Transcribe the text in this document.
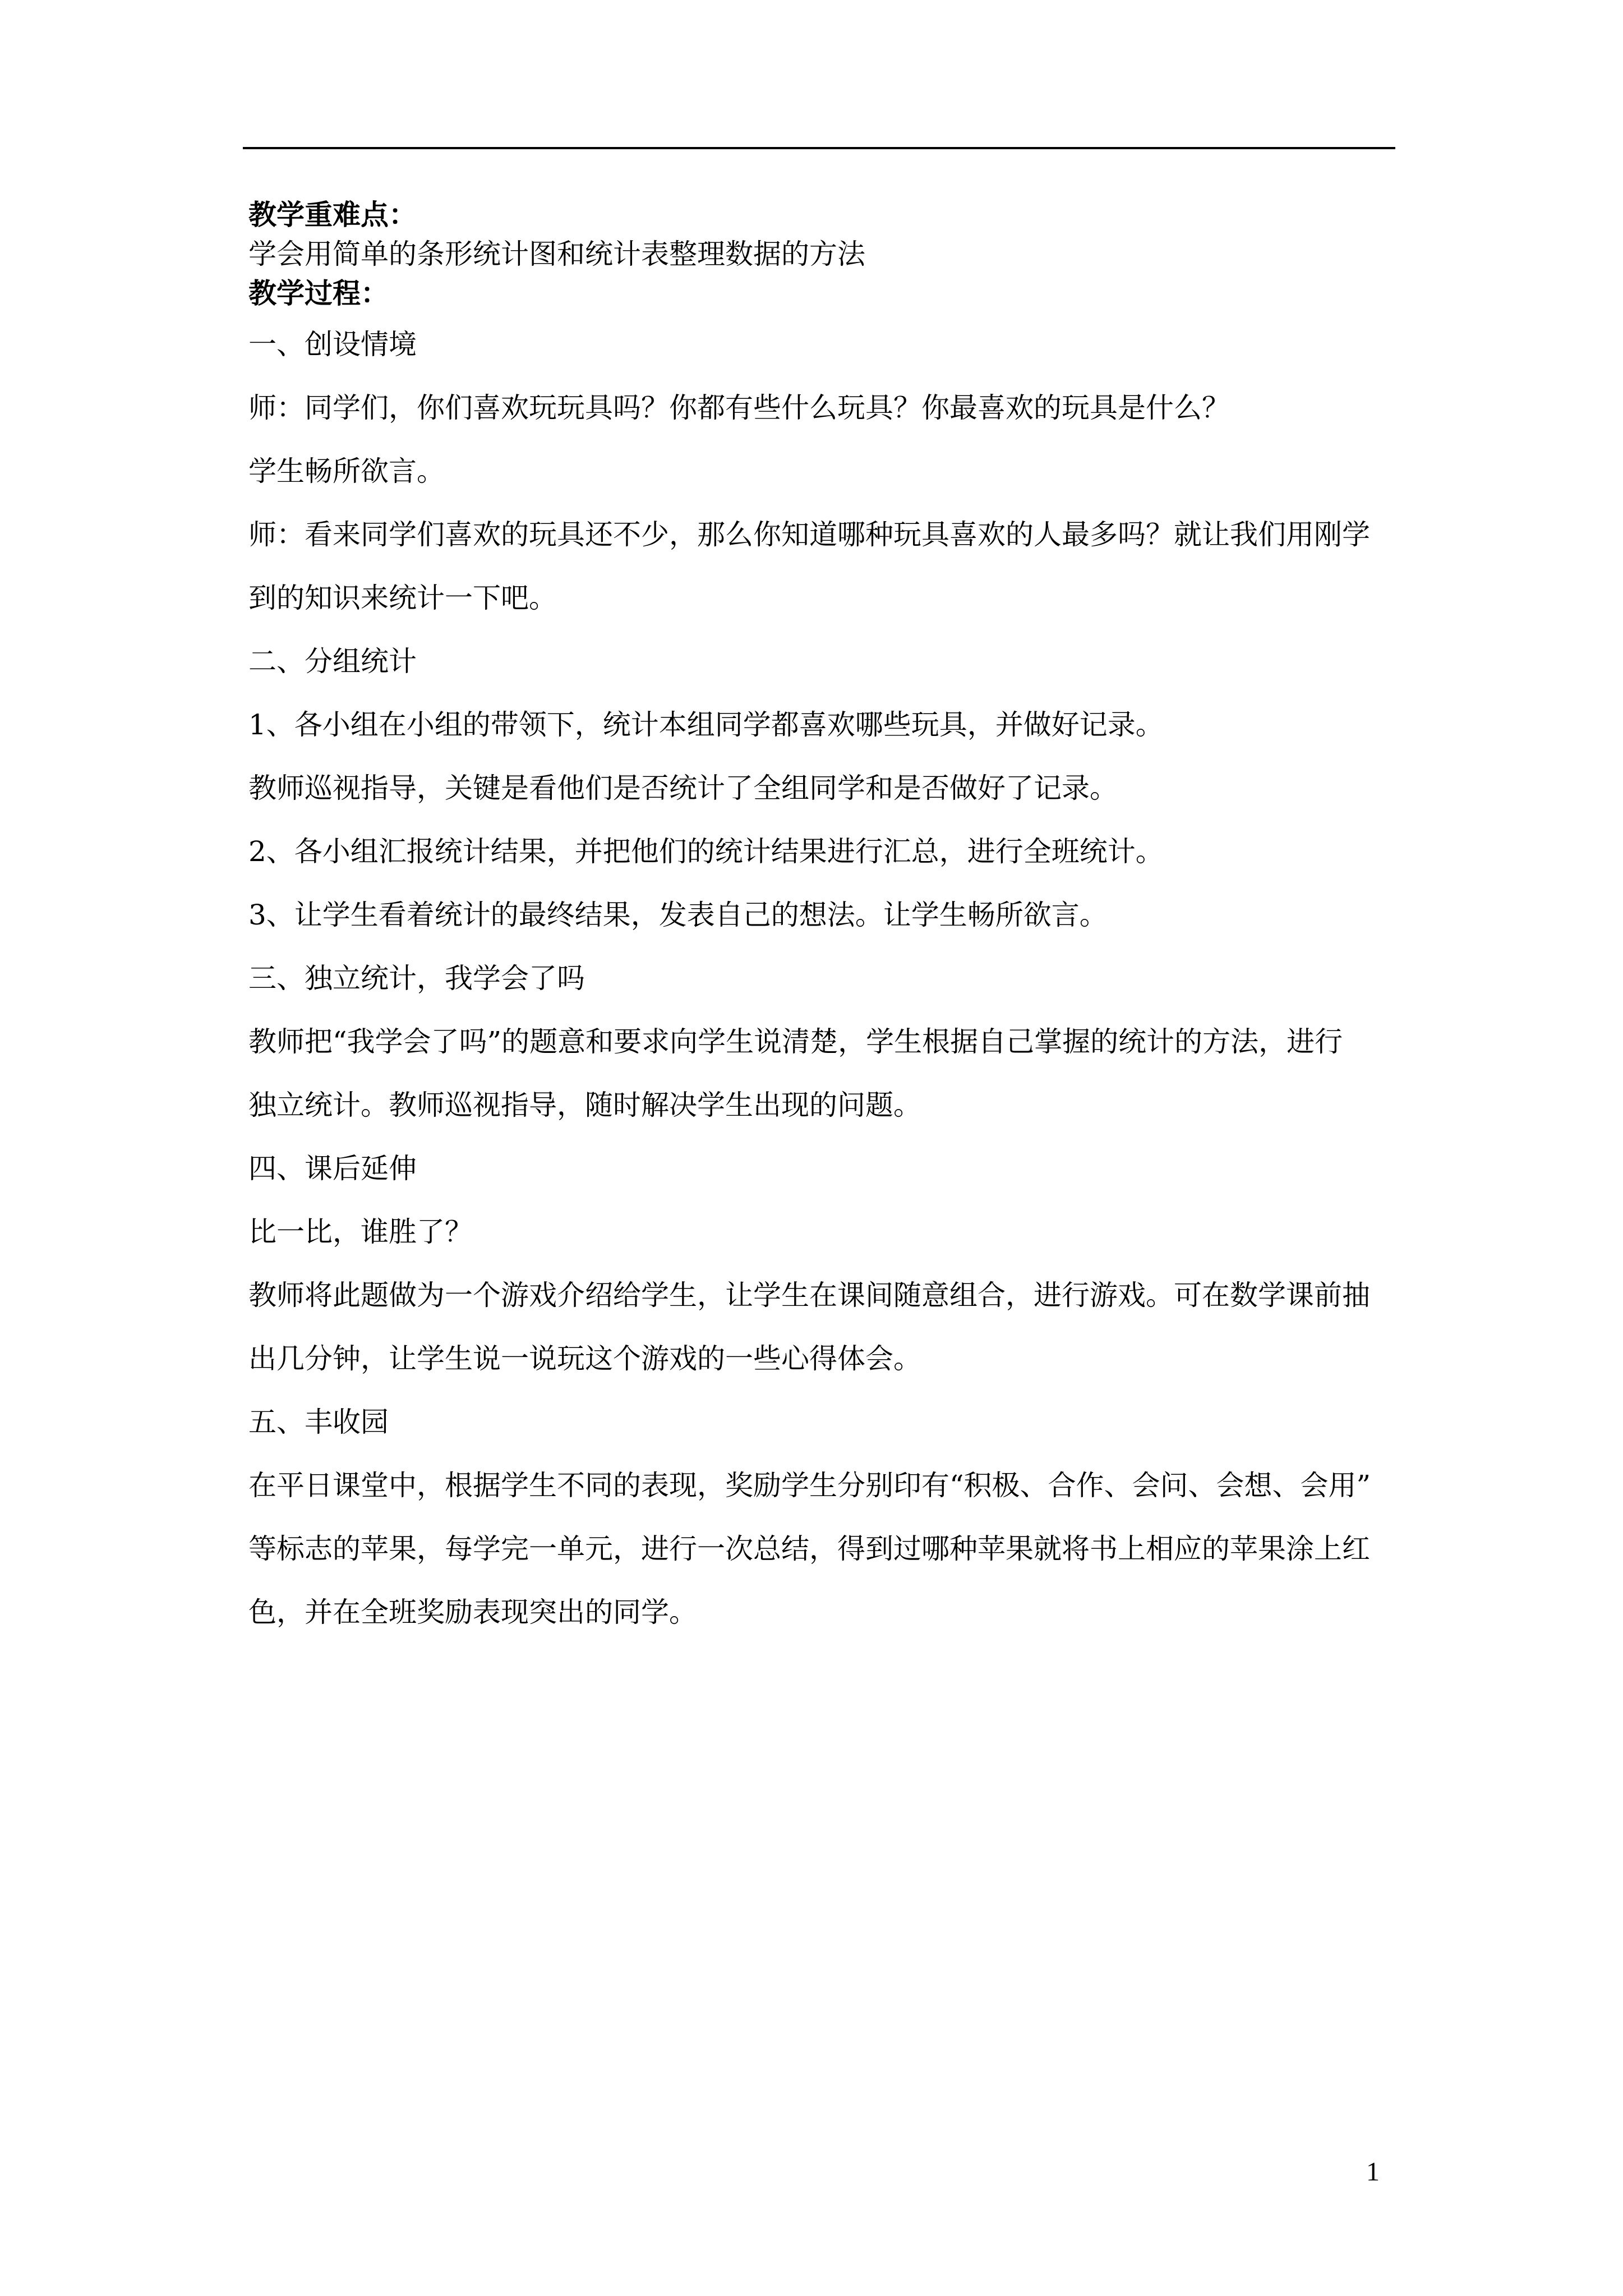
教学重难点：

学会用简单的条形统计图和统计表整理数据的方法

教学过程：

一、创设情境

师：同学们，你们喜欢玩玩具吗？你都有些什么玩具？你最喜欢的玩具是什么？

学生畅所欲言。

师：看来同学们喜欢的玩具还不少，那么你知道哪种玩具喜欢的人最多吗？就让我们用刚学

到的知识来统计一下吧。

二、分组统计

1、各小组在小组的带领下，统计本组同学都喜欢哪些玩具，并做好记录。

教师巡视指导，关键是看他们是否统计了全组同学和是否做好了记录。

2、各小组汇报统计结果，并把他们的统计结果进行汇总，进行全班统计。

3、让学生看着统计的最终结果，发表自己的想法。让学生畅所欲言。

三、独立统计，我学会了吗

教师把“我学会了吗”的题意和要求向学生说清楚，学生根据自己掌握的统计的方法，进行

独立统计。教师巡视指导，随时解决学生出现的问题。

四、课后延伸

比一比，谁胜了？

教师将此题做为一个游戏介绍给学生，让学生在课间随意组合，进行游戏。可在数学课前抽

出几分钟，让学生说一说玩这个游戏的一些心得体会。

五、丰收园

在平日课堂中，根据学生不同的表现，奖励学生分别印有“积极、合作、会问、会想、会用”

等标志的苹果，每学完一单元，进行一次总结，得到过哪种苹果就将书上相应的苹果涂上红

色，并在全班奖励表现突出的同学。

1
